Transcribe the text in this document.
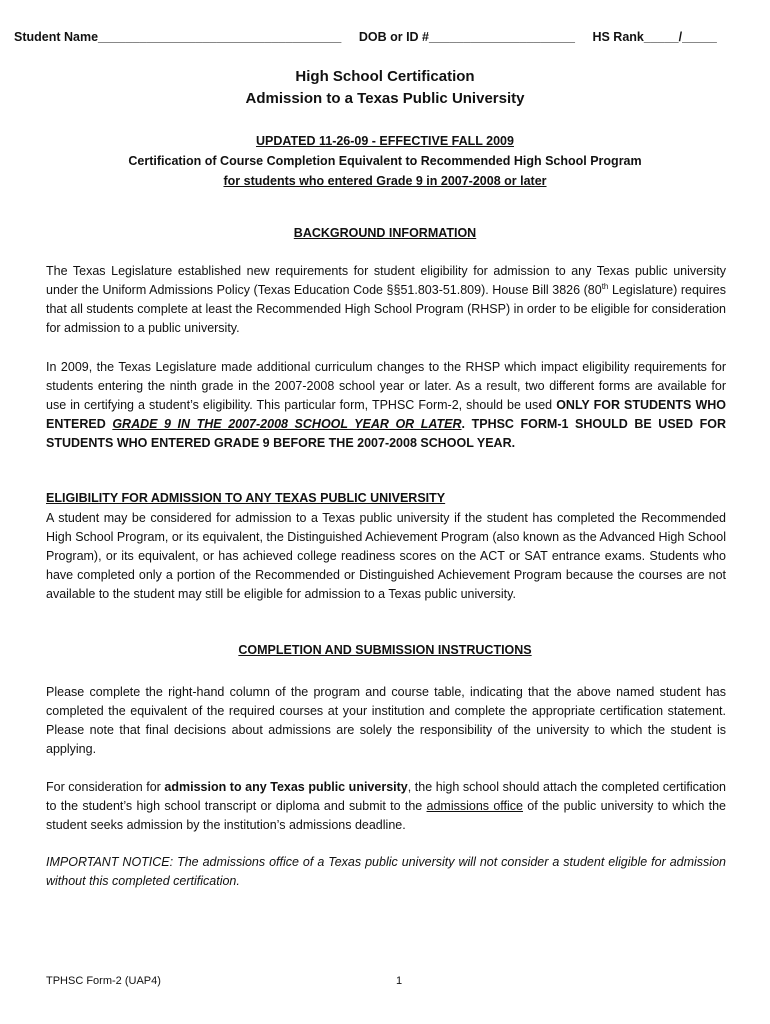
Student Name___________________________________ DOB or ID #_____________________ HS Rank_____/_____
High School Certification
Admission to a Texas Public University
UPDATED 11-26-09 - EFFECTIVE FALL 2009
Certification of Course Completion Equivalent to Recommended High School Program
for students who entered Grade 9 in 2007-2008 or later
BACKGROUND INFORMATION

The Texas Legislature established new requirements for student eligibility for admission to any Texas public university under the Uniform Admissions Policy (Texas Education Code §§51.803-51.809). House Bill 3826 (80th Legislature) requires that all students complete at least the Recommended High School Program (RHSP) in order to be eligible for consideration for admission to a public university.

In 2009, the Texas Legislature made additional curriculum changes to the RHSP which impact eligibility requirements for students entering the ninth grade in the 2007-2008 school year or later. As a result, two different forms are available for use in certifying a student’s eligibility. This particular form, TPHSC Form-2, should be used ONLY FOR STUDENTS WHO ENTERED GRADE 9 IN THE 2007-2008 SCHOOL YEAR OR LATER. TPHSC FORM-1 SHOULD BE USED FOR STUDENTS WHO ENTERED GRADE 9 BEFORE THE 2007-2008 SCHOOL YEAR.

ELIGIBILITY FOR ADMISSION TO ANY TEXAS PUBLIC UNIVERSITY

A student may be considered for admission to a Texas public university if the student has completed the Recommended High School Program, or its equivalent, the Distinguished Achievement Program (also known as the Advanced High School Program), or its equivalent, or has achieved college readiness scores on the ACT or SAT entrance exams. Students who have completed only a portion of the Recommended or Distinguished Achievement Program because the courses are not available to the student may still be eligible for admission to a Texas public university.

COMPLETION AND SUBMISSION INSTRUCTIONS

Please complete the right-hand column of the program and course table, indicating that the above named student has completed the equivalent of the required courses at your institution and complete the appropriate certification statement. Please note that final decisions about admissions are solely the responsibility of the university to which the student is applying.

For consideration for admission to any Texas public university, the high school should attach the completed certification to the student’s high school transcript or diploma and submit to the admissions office of the public university to which the student seeks admission by the institution’s admissions deadline.

IMPORTANT NOTICE: The admissions office of a Texas public university will not consider a student eligible for admission without this completed certification.

TPHSC Form-2 (UAP4)	1
